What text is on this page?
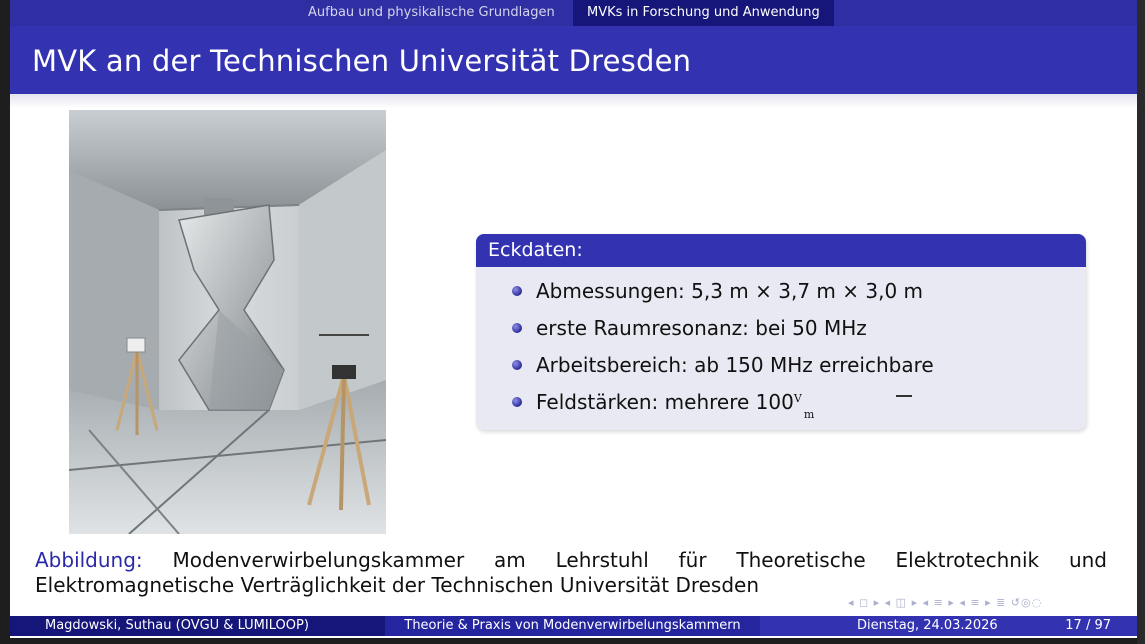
Aufbau und physikalische Grundlagen	MVKs in Forschung und Anwendung
MVK an der Technischen Universität Dresden
Eckdaten:
Abmessungen: 5,3 m × 3,7 m × 3,0 m
erste Raumresonanz: bei 50 MHz
Arbeitsbereich: ab 150 MHz erreichbare
Feldstärken: mehrere 100 V
m
Abbildung: Modenverwirbelungskammer am Lehrstuhl für Theoretische Elektrotechnik und Elektromagnetische Verträglichkeit der Technischen Universität Dresden
◂ ◻ ▸ ◂ ◫ ▸ ◂ ≡ ▸ ◂ ≡ ▸ ≣ ↺◎◌
Magdowski, Suthau (OVGU & LUMILOOP)	Theorie & Praxis von Modenverwirbelungskammern	Dienstag, 24.03.2026	17 / 97
